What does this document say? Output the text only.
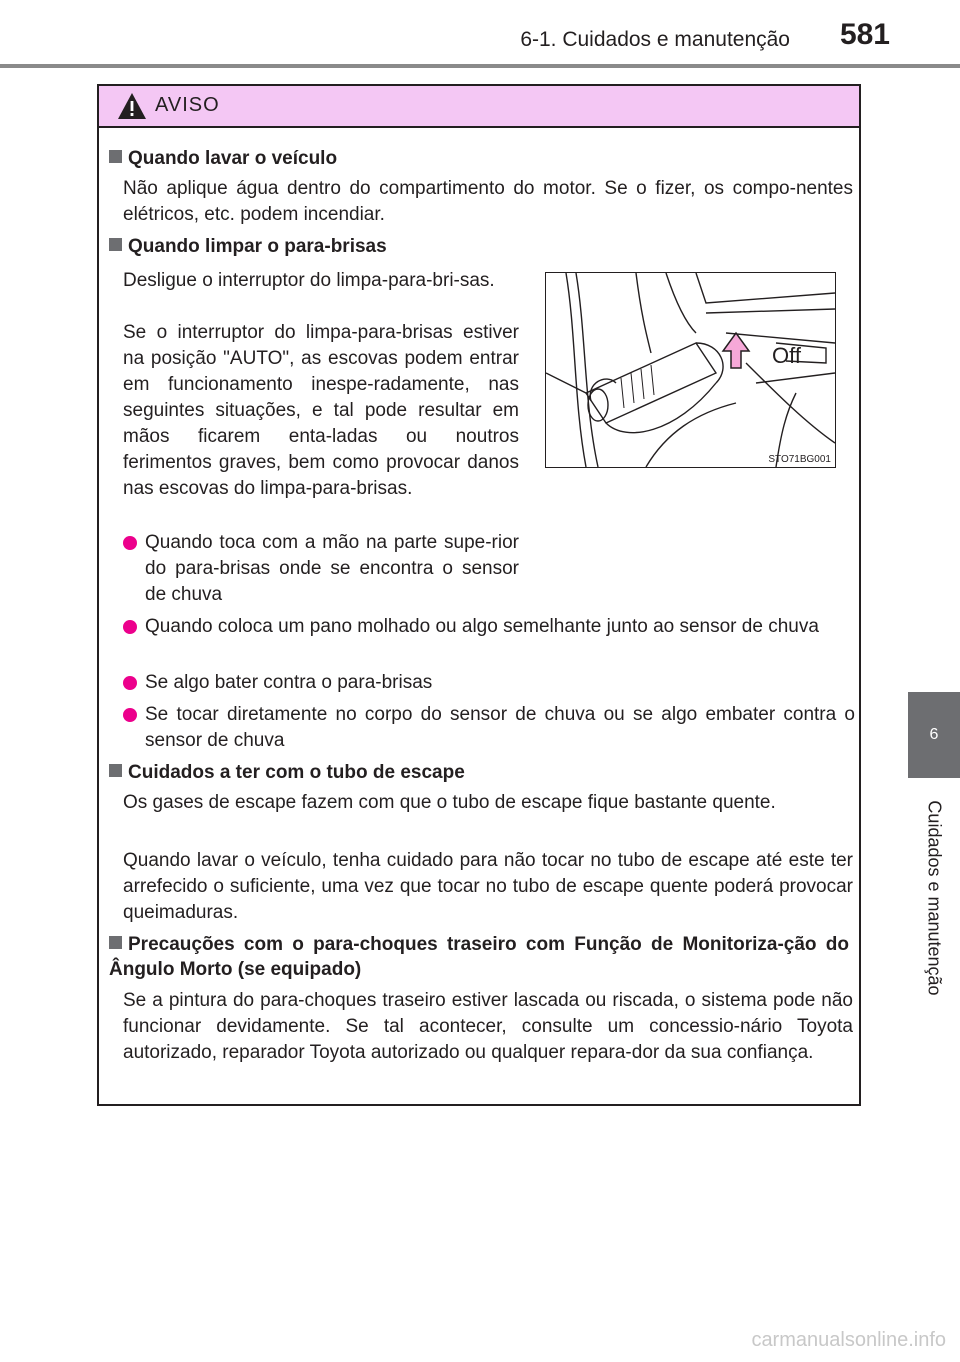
6-1. Cuidados e manutenção 581
6
Cuidados e manutenção
AVISO
Quando lavar o veículo
Não aplique água dentro do compartimento do motor. Se o fizer, os compo-nentes elétricos, etc. podem incendiar.
Quando limpar o para-brisas
Desligue o interruptor do limpa-para-bri-sas.
Se o interruptor do limpa-para-brisas estiver na posição "AUTO", as escovas podem entrar em funcionamento inespe-radamente, nas seguintes situações, e tal pode resultar em mãos ficarem enta-ladas ou noutros ferimentos graves, bem como provocar danos nas escovas do limpa-para-brisas.
Quando toca com a mão na parte supe-rior do para-brisas onde se encontra o sensor de chuva
Quando coloca um pano molhado ou algo semelhante junto ao sensor de chuva
Se algo bater contra o para-brisas
Se tocar diretamente no corpo do sensor de chuva ou se algo embater contra o sensor de chuva
Cuidados a ter com o tubo de escape
Os gases de escape fazem com que o tubo de escape fique bastante quente.
Quando lavar o veículo, tenha cuidado para não tocar no tubo de escape até este ter arrefecido o suficiente, uma vez que tocar no tubo de escape quente poderá provocar queimaduras.
Precauções com o para-choques traseiro com Função de Monitoriza-ção do Ângulo Morto (se equipado)
Se a pintura do para-choques traseiro estiver lascada ou riscada, o sistema pode não funcionar devidamente. Se tal acontecer, consulte um concessio-nário Toyota autorizado, reparador Toyota autorizado ou qualquer repara-dor da sua confiança.
Off
STO71BG001
carmanualsonline.info
